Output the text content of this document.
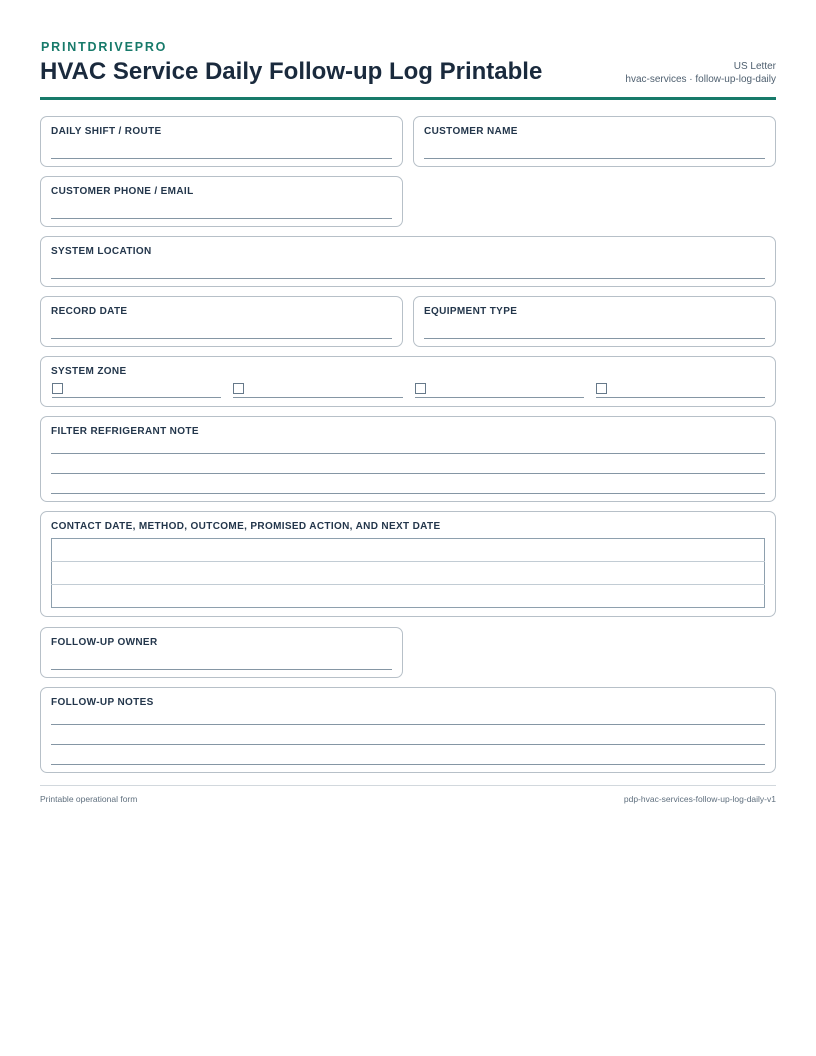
PRINTDRIVEPRO
HVAC Service Daily Follow-up Log Printable	US Letter
hvac-services · follow-up-log-daily
DAILY SHIFT / ROUTE	CUSTOMER NAME
CUSTOMER PHONE / EMAIL
SYSTEM LOCATION
RECORD DATE	EQUIPMENT TYPE
SYSTEM ZONE
FILTER REFRIGERANT NOTE
CONTACT DATE, METHOD, OUTCOME, PROMISED ACTION, AND NEXT DATE

FOLLOW-UP OWNER
FOLLOW-UP NOTES
Printable operational form	pdp-hvac-services-follow-up-log-daily-v1
